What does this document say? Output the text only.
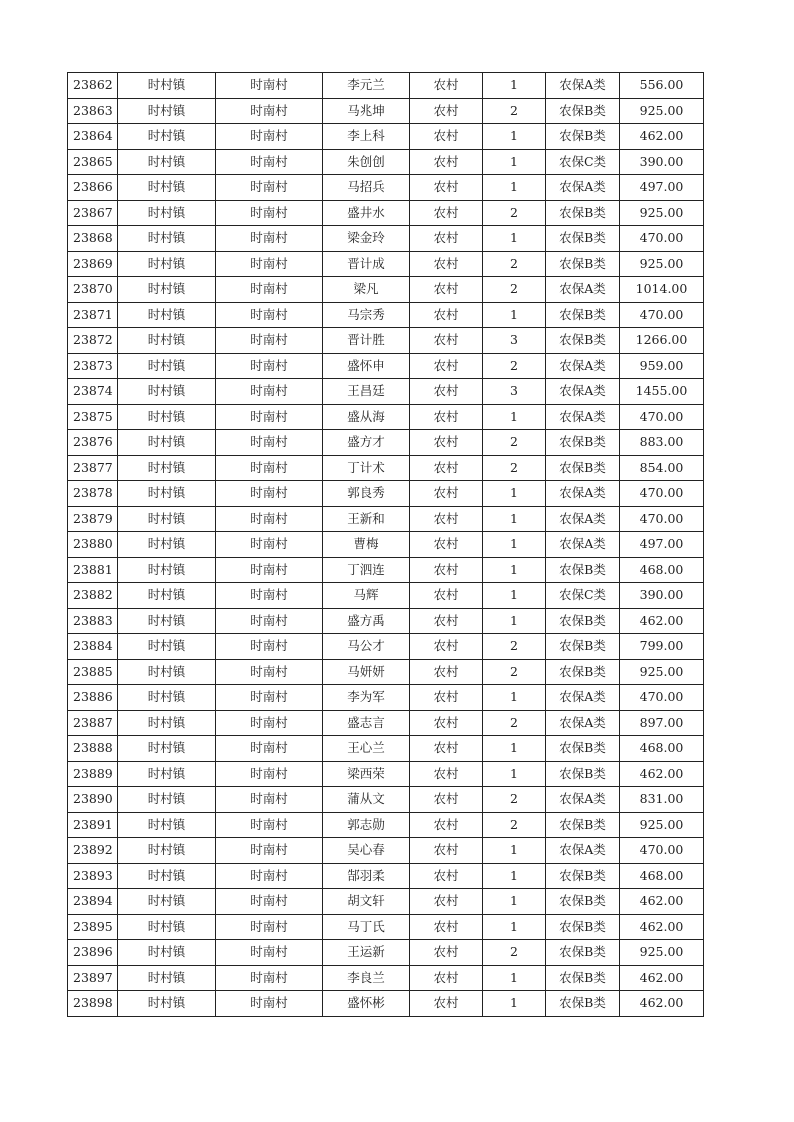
23862	时村镇	时南村	李元兰	农村	1	农保A类	556.00
23863	时村镇	时南村	马兆坤	农村	2	农保B类	925.00
23864	时村镇	时南村	李上科	农村	1	农保B类	462.00
23865	时村镇	时南村	朱创创	农村	1	农保C类	390.00
23866	时村镇	时南村	马招兵	农村	1	农保A类	497.00
23867	时村镇	时南村	盛井水	农村	2	农保B类	925.00
23868	时村镇	时南村	梁金玲	农村	1	农保B类	470.00
23869	时村镇	时南村	晋计成	农村	2	农保B类	925.00
23870	时村镇	时南村	梁凡	农村	2	农保A类	1014.00
23871	时村镇	时南村	马宗秀	农村	1	农保B类	470.00
23872	时村镇	时南村	晋计胜	农村	3	农保B类	1266.00
23873	时村镇	时南村	盛怀申	农村	2	农保A类	959.00
23874	时村镇	时南村	王昌廷	农村	3	农保A类	1455.00
23875	时村镇	时南村	盛从海	农村	1	农保A类	470.00
23876	时村镇	时南村	盛方才	农村	2	农保B类	883.00
23877	时村镇	时南村	丁计术	农村	2	农保B类	854.00
23878	时村镇	时南村	郭良秀	农村	1	农保A类	470.00
23879	时村镇	时南村	王新和	农村	1	农保A类	470.00
23880	时村镇	时南村	曹梅	农村	1	农保A类	497.00
23881	时村镇	时南村	丁泗连	农村	1	农保B类	468.00
23882	时村镇	时南村	马辉	农村	1	农保C类	390.00
23883	时村镇	时南村	盛方禹	农村	1	农保B类	462.00
23884	时村镇	时南村	马公才	农村	2	农保B类	799.00
23885	时村镇	时南村	马妍妍	农村	2	农保B类	925.00
23886	时村镇	时南村	李为军	农村	1	农保A类	470.00
23887	时村镇	时南村	盛志言	农村	2	农保A类	897.00
23888	时村镇	时南村	王心兰	农村	1	农保B类	468.00
23889	时村镇	时南村	梁西荣	农村	1	农保B类	462.00
23890	时村镇	时南村	蒲从文	农村	2	农保A类	831.00
23891	时村镇	时南村	郭志勋	农村	2	农保B类	925.00
23892	时村镇	时南村	吴心春	农村	1	农保A类	470.00
23893	时村镇	时南村	郜羽柔	农村	1	农保B类	468.00
23894	时村镇	时南村	胡文轩	农村	1	农保B类	462.00
23895	时村镇	时南村	马丁氏	农村	1	农保B类	462.00
23896	时村镇	时南村	王运新	农村	2	农保B类	925.00
23897	时村镇	时南村	李良兰	农村	1	农保B类	462.00
23898	时村镇	时南村	盛怀彬	农村	1	农保B类	462.00
